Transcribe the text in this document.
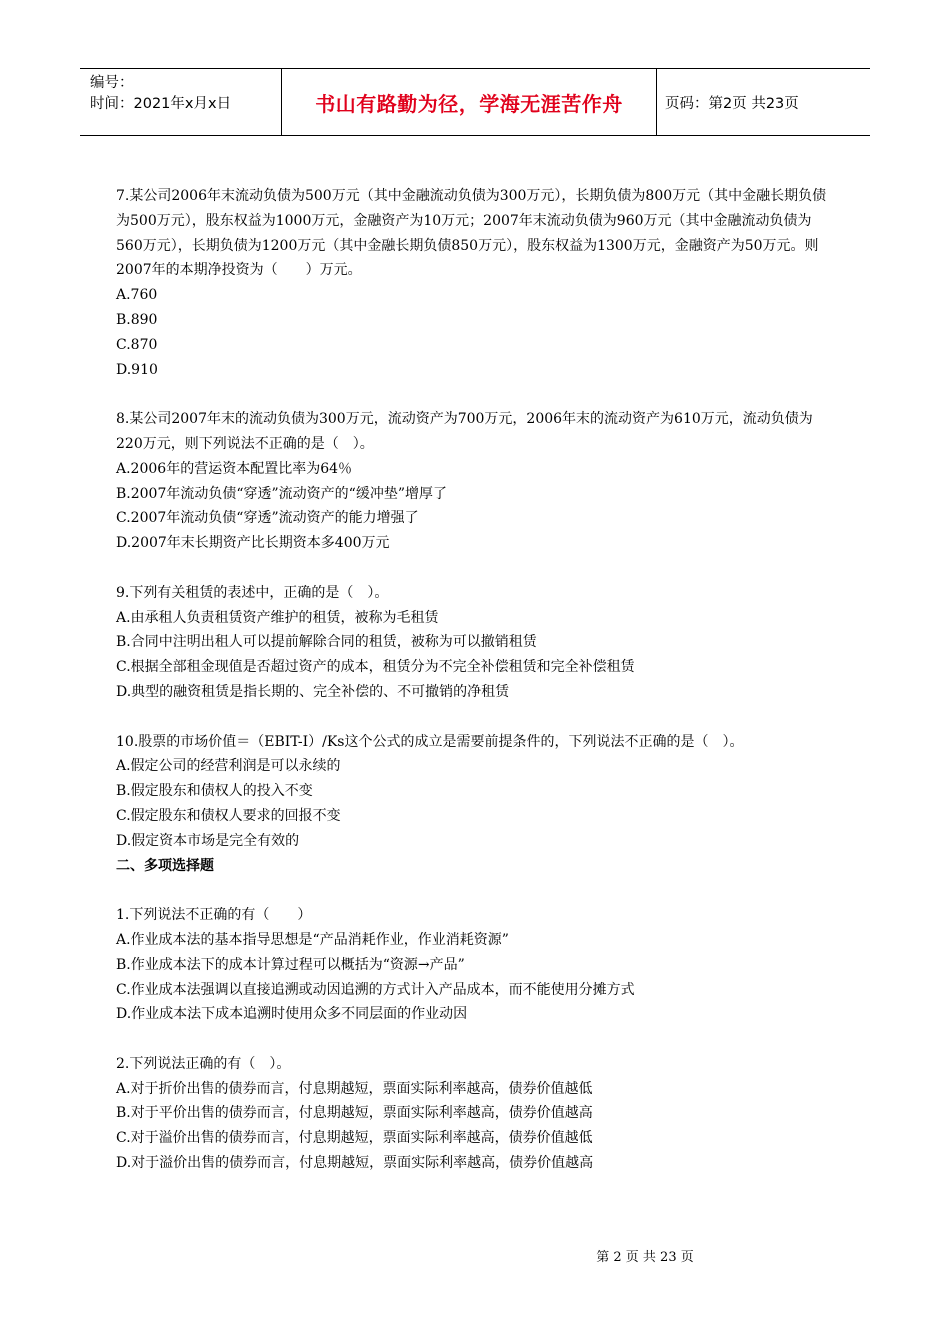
编号：
时间：2021年x月x日	书山有路勤为径，学海无涯苦作舟	页码：第2页 共23页

7.某公司2006年末流动负债为500万元（其中金融流动负债为300万元），长期负债为800万元（其中金融长期负债为500万元），股东权益为1000万元，金融资产为10万元；2007年末流动负债为960万元（其中金融流动负债为560万元），长期负债为1200万元（其中金融长期负债850万元），股东权益为1300万元，金融资产为50万元。则2007年的本期净投资为（　　）万元。

A.760

B.890

C.870

D.910

8.某公司2007年末的流动负债为300万元，流动资产为700万元，2006年末的流动资产为610万元，流动负债为220万元，则下列说法不正确的是（　）。

A.2006年的营运资本配置比率为64％

B.2007年流动负债“穿透”流动资产的“缓冲垫”增厚了

C.2007年流动负债“穿透”流动资产的能力增强了

D.2007年末长期资产比长期资本多400万元

9.下列有关租赁的表述中，正确的是（　）。

A.由承租人负责租赁资产维护的租赁，被称为毛租赁

B.合同中注明出租人可以提前解除合同的租赁，被称为可以撤销租赁

C.根据全部租金现值是否超过资产的成本，租赁分为不完全补偿租赁和完全补偿租赁

D.典型的融资租赁是指长期的、完全补偿的、不可撤销的净租赁

10.股票的市场价值＝（EBIT-I）/Ks这个公式的成立是需要前提条件的，下列说法不正确的是（　）。

A.假定公司的经营利润是可以永续的

B.假定股东和债权人的投入不变

C.假定股东和债权人要求的回报不变

D.假定资本市场是完全有效的

二、多项选择题

1.下列说法不正确的有（　　）

A.作业成本法的基本指导思想是“产品消耗作业，作业消耗资源”

B.作业成本法下的成本计算过程可以概括为“资源→产品”

C.作业成本法强调以直接追溯或动因追溯的方式计入产品成本，而不能使用分摊方式

D.作业成本法下成本追溯时使用众多不同层面的作业动因

2.下列说法正确的有（　）。

A.对于折价出售的债券而言，付息期越短，票面实际利率越高，债券价值越低

B.对于平价出售的债券而言，付息期越短，票面实际利率越高，债券价值越高

C.对于溢价出售的债券而言，付息期越短，票面实际利率越高，债券价值越低

D.对于溢价出售的债券而言，付息期越短，票面实际利率越高，债券价值越高

第 2 页 共 23 页
